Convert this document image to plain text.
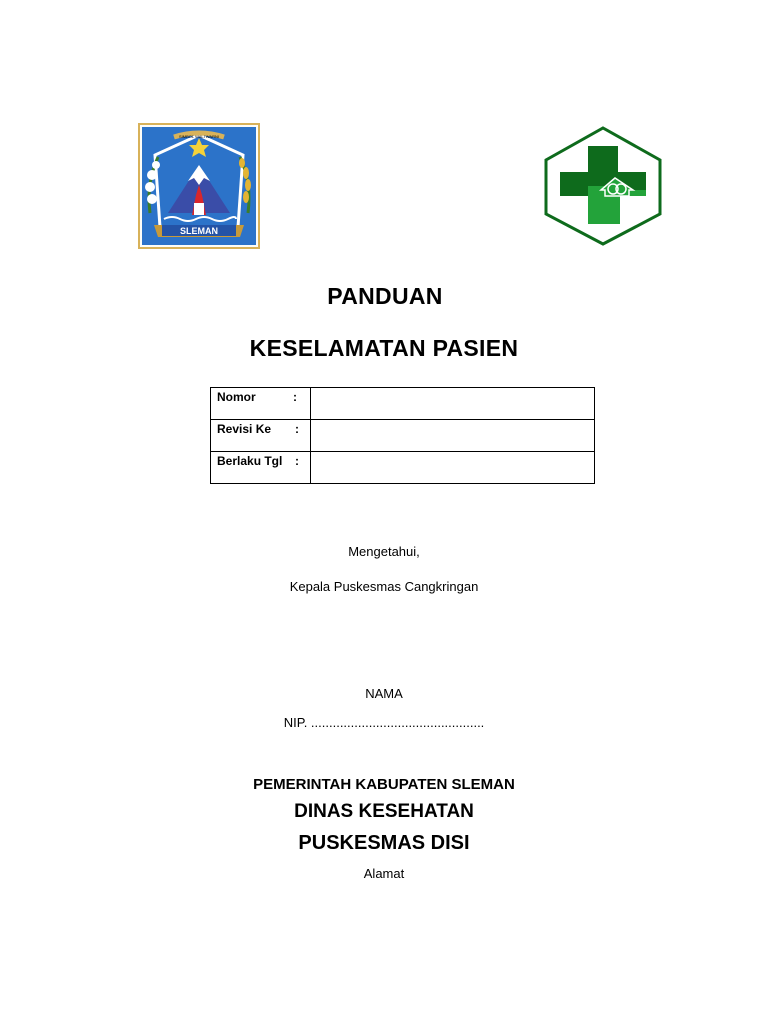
SIMBOL WALI WARNI
SLEMAN
PANDUAN
KESELAMATAN PASIEN
Nomor :	

Revisi Ke :	

Berlaku Tgl :	

Mengetahui,
Kepala Puskesmas Cangkringan
NAMA
NIP. ................................................
PEMERINTAH KABUPATEN SLEMAN
DINAS KESEHATAN
PUSKESMAS DISI
Alamat
